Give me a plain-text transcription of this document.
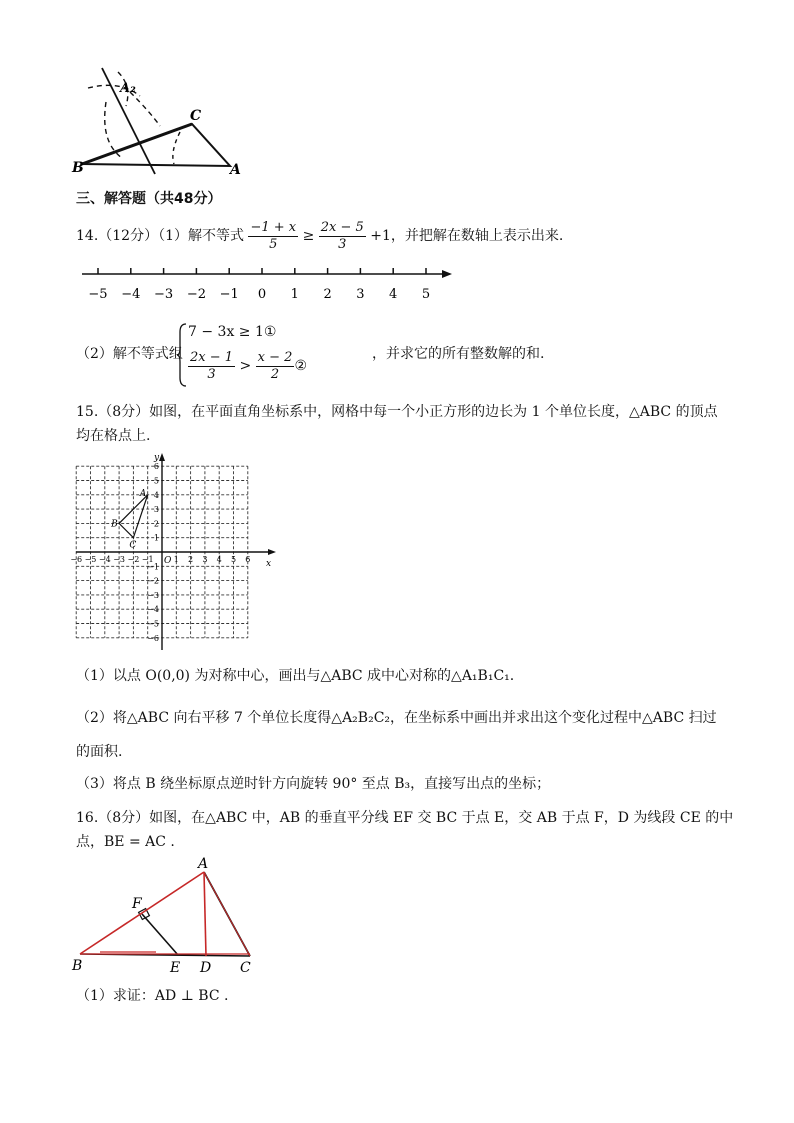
A₂
C
B	A
三、解答题（共48分）
14.（12分）（1）解不等式 $\frac{-1 + x}{5} \ge \frac{2x - 5}{3} +1$，并把解在数轴上表示出来.
−5 −4 −3 −2 −1 0 1 2 3 4 5
（2）解不等式组
7 − 3x ≥ 1①
$\frac{2x - 1}{3} > \frac{x - 2}{2}$ ②
，并求它的所有整数解的和.
15.（8分）如图，在平面直角坐标系中，网格中每一个小正方形的边长为 1 个单位长度，△ABC 的顶点
均在格点上.
x
y
O
−6 −5 −4 −3 −2 −1	1 2 3 4 5 6
6
5
4
3
2
1
−1
−2
−3
−4
−5
−6
A
B
C
（1）以点 O(0,0) 为对称中心，画出与△ABC 成中心对称的△A₁B₁C₁.
（2）将△ABC 向右平移 7 个单位长度得△A₂B₂C₂，在坐标系中画出并求出这个变化过程中△ABC 扫过
的面积.
（3）将点 B 绕坐标原点逆时针方向旋转 90° 至点 B₃，直接写出点的坐标；
16.（8分）如图，在△ABC 中，AB 的垂直平分线 EF 交 BC 于点 E，交 AB 于点 F，D 为线段 CE 的中
点，BE = AC .
A
F
B	E D C
（1）求证：AD ⊥ BC .
